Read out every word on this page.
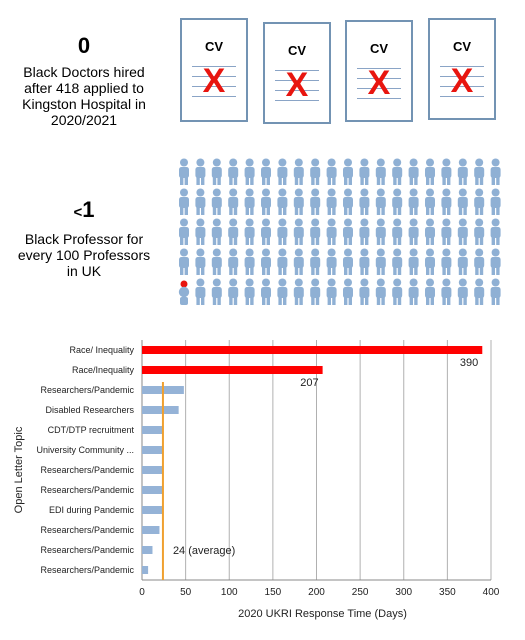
0
Black Doctors hired
after 418 applied to
Kingston Hospital in
2020/2021
CV
X
CV
X
CV
X
CV
X
<1
Black Professor for
every 100 Professors
in UK
0	50	100	150	200	250	300	350	400
Race/ Inequality
Race/Inequality
Researchers/Pandemic
Disabled Researchers
CDT/DTP recruitment
University Community ...
Researchers/Pandemic
Researchers/Pandemic
EDI during Pandemic
Researchers/Pandemic
Researchers/Pandemic
Researchers/Pandemic
390
207
24 (average)
2020 UKRI Response Time (Days)
Open Letter Topic
